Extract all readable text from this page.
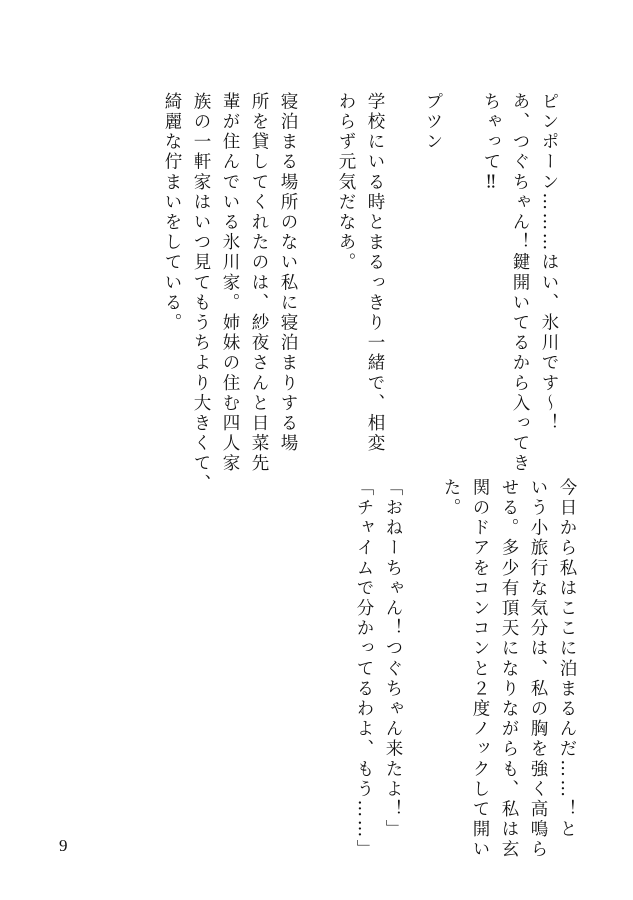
ピンポーン………はい、氷川です～！
あ、つぐちゃん！鍵開いてるから入ってき
ちゃって‼
プツン
学校にいる時とまるっきり一緒で、相変
わらず元気だなあ。
寝泊まる場所のない私に寝泊まりする場
所を貸してくれたのは、紗夜さんと日菜先
輩が住んでいる氷川家。姉妹の住む四人家
族の一軒家はいつ見てもうちより大きくて、
綺麗な佇まいをしている。
今日から私はここに泊まるんだ……！と
いう小旅行な気分は、私の胸を強く高鳴ら
せる。多少有頂天になりながらも、私は玄
関のドアをコンコンと２度ノックして開い
た。
「おねーちゃん！つぐちゃん来たよ！」
「チャイムで分かってるわよ、もう……」
9
